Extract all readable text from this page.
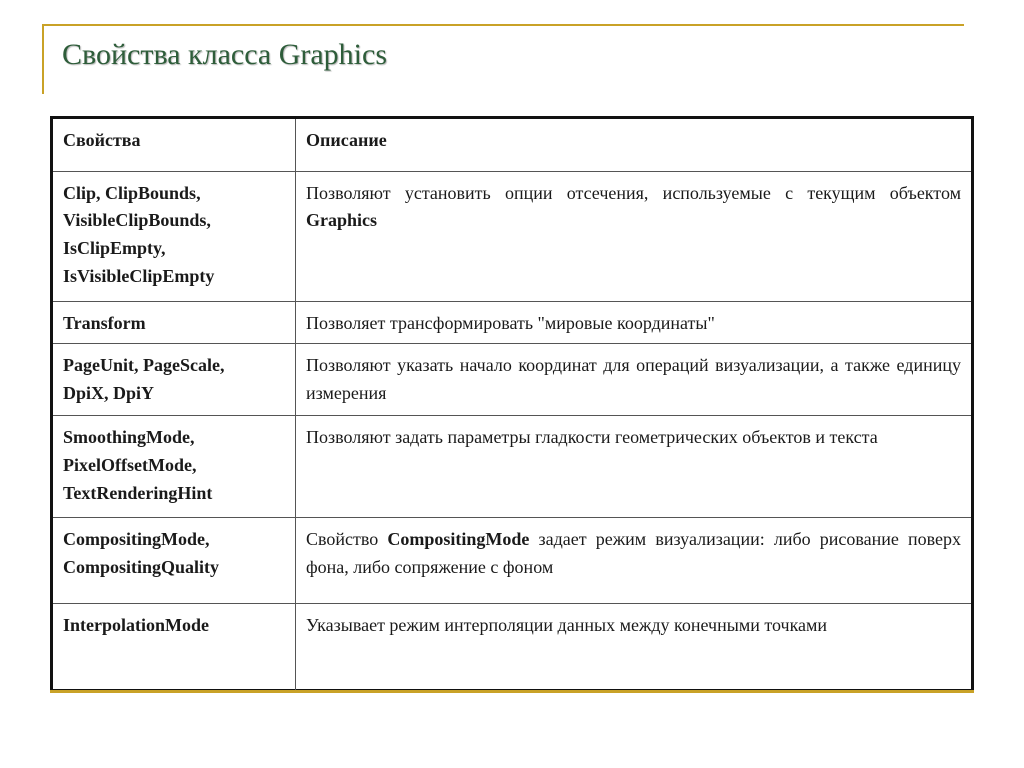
Свойства класса Graphics
Свойства	Описание

Clip, ClipBounds,
VisibleClipBounds,
IsClipEmpty,
IsVisibleClipEmpty	Позволяют установить опции отсечения, используемые с текущим объектом Graphics

Transform	Позволяет трансформировать "мировые координаты"

PageUnit, PageScale,
DpiX, DpiY	Позволяют указать начало координат для операций визуализации, а также единицу измерения

SmoothingMode,
PixelOffsetMode,
TextRenderingHint	Позволяют задать параметры гладкости геометрических объектов и текста

CompositingMode,
CompositingQuality	Свойство CompositingMode задает режим визуализации: либо рисование поверх фона, либо сопряжение с фоном

InterpolationMode	Указывает режим интерполяции данных между конечными точками
